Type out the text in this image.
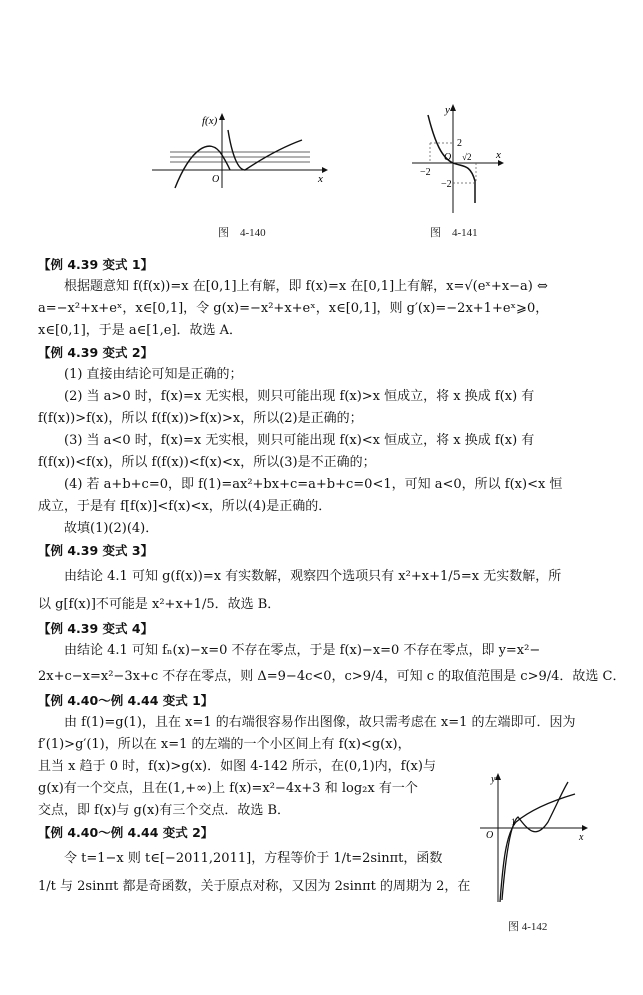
f(x)
O	x
图　4-140
y
2
O
−2
−2
√2 x
图　4-141
y
O
1
x
图 4-142
【例 4.39 变式 1】
根据题意知 f(f(x))=x 在[0,1]上有解，即 f(x)=x 在[0,1]上有解，x=√(eˣ+x−a) ⇔
a=−x²+x+eˣ，x∈[0,1]，令 g(x)=−x²+x+eˣ，x∈[0,1]，则 g′(x)=−2x+1+eˣ⩾0，
x∈[0,1]，于是 a∈[1,e]．故选 A．
【例 4.39 变式 2】
(1) 直接由结论可知是正确的；
(2) 当 a>0 时，f(x)=x 无实根，则只可能出现 f(x)>x 恒成立，将 x 换成 f(x) 有
f(f(x))>f(x)，所以 f(f(x))>f(x)>x，所以(2)是正确的；
(3) 当 a<0 时，f(x)=x 无实根，则只可能出现 f(x)<x 恒成立，将 x 换成 f(x) 有
f(f(x))<f(x)，所以 f(f(x))<f(x)<x，所以(3)是不正确的；
(4) 若 a+b+c=0，即 f(1)=ax²+bx+c=a+b+c=0<1，可知 a<0，所以 f(x)<x 恒
成立，于是有 f[f(x)]<f(x)<x，所以(4)是正确的．
故填(1)(2)(4)．
【例 4.39 变式 3】
由结论 4.1 可知 g(f(x))=x 有实数解，观察四个选项只有 x²+x+1/5=x 无实数解，所
以 g[f(x)]不可能是 x²+x+1/5．故选 B．
【例 4.39 变式 4】
由结论 4.1 可知 fₙ(x)−x=0 不存在零点，于是 f(x)−x=0 不存在零点，即 y=x²−
2x+c−x=x²−3x+c 不存在零点，则 Δ=9−4c<0，c>9/4，可知 c 的取值范围是 c>9/4．故选 C．
【例 4.40～例 4.44 变式 1】
由 f(1)=g(1)，且在 x=1 的右端很容易作出图像，故只需考虑在 x=1 的左端即可．因为
f′(1)>g′(1)，所以在 x=1 的左端的一个小区间上有 f(x)<g(x)，
且当 x 趋于 0 时，f(x)>g(x)．如图 4-142 所示，在(0,1)内，f(x)与
g(x)有一个交点，且在(1,+∞)上 f(x)=x²−4x+3 和 log₂x 有一个
交点，即 f(x)与 g(x)有三个交点．故选 B．
【例 4.40～例 4.44 变式 2】
令 t=1−x 则 t∈[−2011,2011]，方程等价于 1/t=2sinπt，函数
1/t 与 2sinπt 都是奇函数，关于原点对称，又因为 2sinπt 的周期为 2，在
